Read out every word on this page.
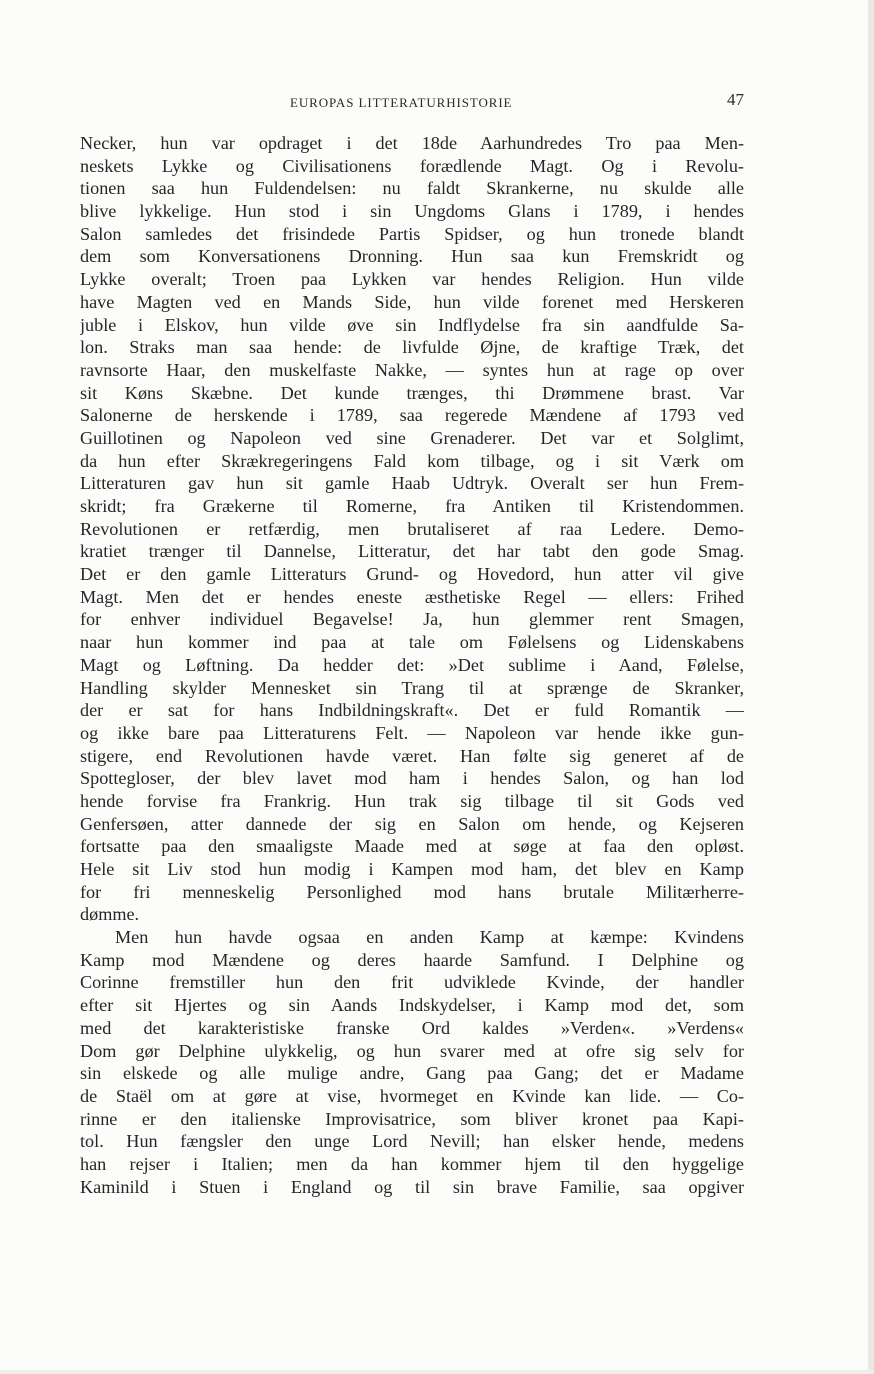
EUROPAS LITTERATURHISTORIE	47
Necker, hun var opdraget i det 18de Aarhundredes Tro paa Men-
neskets Lykke og Civilisationens forædlende Magt. Og i Revolu-
tionen saa hun Fuldendelsen: nu faldt Skrankerne, nu skulde alle
blive lykkelige. Hun stod i sin Ungdoms Glans i 1789, i hendes
Salon samledes det frisindede Partis Spidser, og hun tronede blandt
dem som Konversationens Dronning. Hun saa kun Fremskridt og
Lykke overalt; Troen paa Lykken var hendes Religion. Hun vilde
have Magten ved en Mands Side, hun vilde forenet med Herskeren
juble i Elskov, hun vilde øve sin Indflydelse fra sin aandfulde Sa-
lon. Straks man saa hende: de livfulde Øjne, de kraftige Træk, det
ravnsorte Haar, den muskelfaste Nakke, — syntes hun at rage op over
sit Køns Skæbne. Det kunde trænges, thi Drømmene brast. Var
Salonerne de herskende i 1789, saa regerede Mændene af 1793 ved
Guillotinen og Napoleon ved sine Grenaderer. Det var et Solglimt,
da hun efter Skrækregeringens Fald kom tilbage, og i sit Værk om
Litteraturen gav hun sit gamle Haab Udtryk. Overalt ser hun Frem-
skridt; fra Grækerne til Romerne, fra Antiken til Kristendommen.
Revolutionen er retfærdig, men brutaliseret af raa Ledere. Demo-
kratiet trænger til Dannelse, Litteratur, det har tabt den gode Smag.
Det er den gamle Litteraturs Grund- og Hovedord, hun atter vil give
Magt. Men det er hendes eneste æsthetiske Regel — ellers: Frihed
for enhver individuel Begavelse! Ja, hun glemmer rent Smagen,
naar hun kommer ind paa at tale om Følelsens og Lidenskabens
Magt og Løftning. Da hedder det: »Det sublime i Aand, Følelse,
Handling skylder Mennesket sin Trang til at sprænge de Skranker,
der er sat for hans Indbildningskraft«. Det er fuld Romantik —
og ikke bare paa Litteraturens Felt. — Napoleon var hende ikke gun-
stigere, end Revolutionen havde været. Han følte sig generet af de
Spottegloser, der blev lavet mod ham i hendes Salon, og han lod
hende forvise fra Frankrig. Hun trak sig tilbage til sit Gods ved
Genfersøen, atter dannede der sig en Salon om hende, og Kejseren
fortsatte paa den smaaligste Maade med at søge at faa den opløst.
Hele sit Liv stod hun modig i Kampen mod ham, det blev en Kamp
for fri menneskelig Personlighed mod hans brutale Militærherre-
dømme.
Men hun havde ogsaa en anden Kamp at kæmpe: Kvindens
Kamp mod Mændene og deres haarde Samfund. I Delphine og
Corinne fremstiller hun den frit udviklede Kvinde, der handler
efter sit Hjertes og sin Aands Indskydelser, i Kamp mod det, som
med det karakteristiske franske Ord kaldes »Verden«. »Verdens«
Dom gør Delphine ulykkelig, og hun svarer med at ofre sig selv for
sin elskede og alle mulige andre, Gang paa Gang; det er Madame
de Staël om at gøre at vise, hvormeget en Kvinde kan lide. — Co-
rinne er den italienske Improvisatrice, som bliver kronet paa Kapi-
tol. Hun fængsler den unge Lord Nevill; han elsker hende, medens
han rejser i Italien; men da han kommer hjem til den hyggelige
Kaminild i Stuen i England og til sin brave Familie, saa opgiver
